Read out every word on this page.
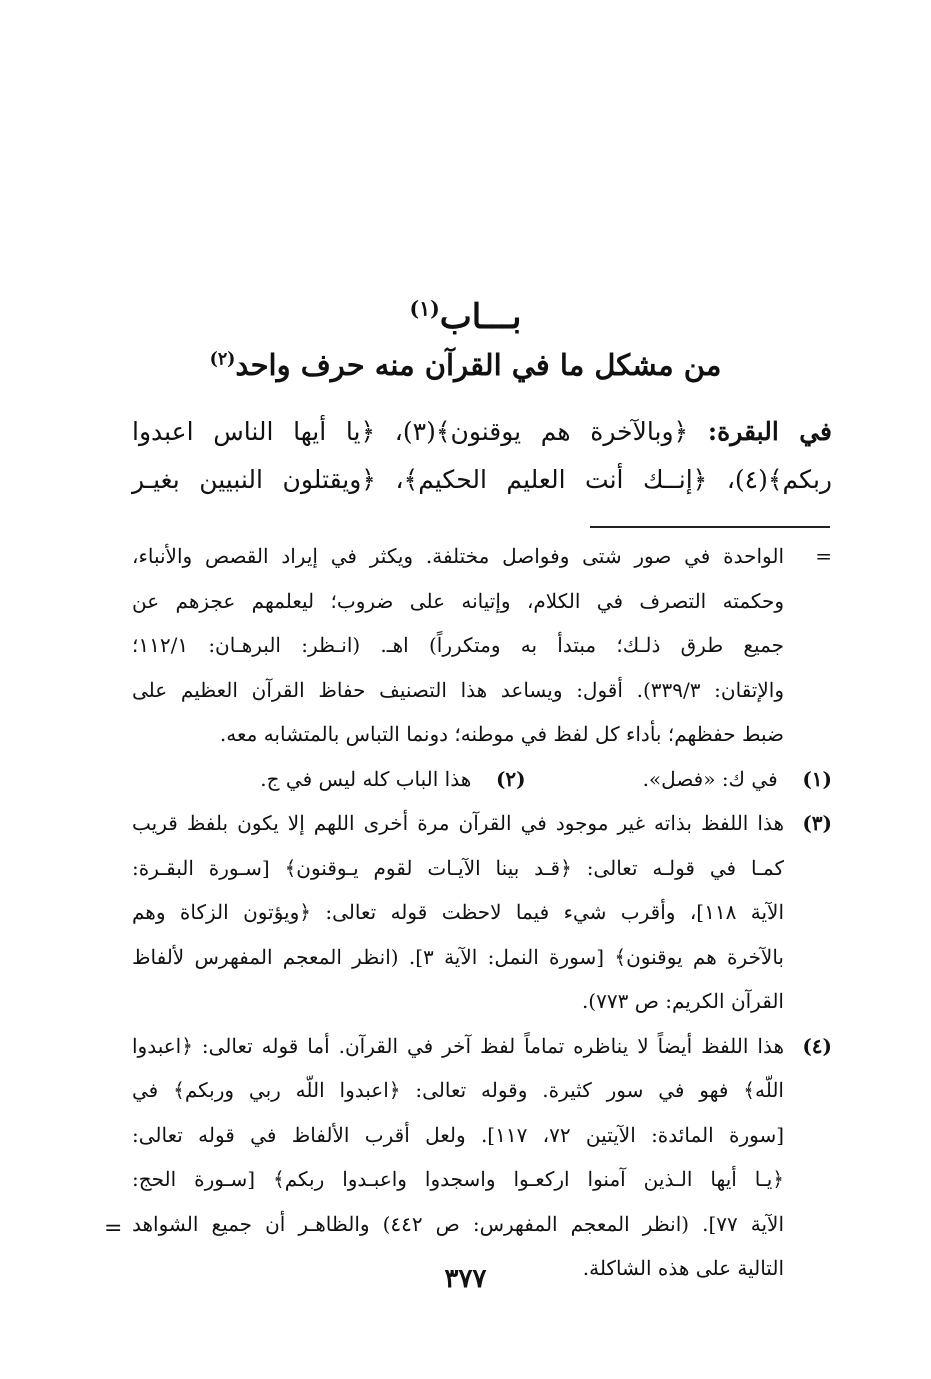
بـــاب$^{(١)}$
من مشكل ما في القرآن منه حرف واحد$^{(٢)}$
في البقرة: ﴿وبالآخرة هم يوقنون﴾(٣)، ﴿يا أيها الناس اعبدوا
ربكم﴾(٤)، ﴿إنــك أنت العليم الحكيم﴾، ﴿ويقتلون النبيين بغيـر
=الواحدة في صور شتى وفواصل مختلفة. ويكثر في إيراد القصص والأنباء،
وحكمته التصرف في الكلام، وإتيانه على ضروب؛ ليعلمهم عجزهم عن
جميع طرق ذلـك؛ مبتدأ به ومتكرراً) اهـ. (انـظر: البرهـان: ١١٢/١؛
والإتقان: ٣٣٩/٣). أقول: ويساعد هذا التصنيف حفاظ القرآن العظيم على
ضبط حفظهم؛ بأداء كل لفظ في موطنه؛ دونما التباس بالمتشابه معه.
(١) في ك: «فصل». (٢) هذا الباب كله ليس في ج.
(٣)هذا اللفظ بذاته غير موجود في القرآن مرة أخرى اللهم إلا يكون بلفظ قريب
كمـا في قولـه تعالى: ﴿قـد بينا الآيـات لقوم يـوقنون﴾ [سـورة البقـرة:
الآية ١١٨]، وأقرب شيء فيما لاحظت قوله تعالى: ﴿ويؤتون الزكاة وهم
بالآخرة هم يوقنون﴾ [سورة النمل: الآية ٣]. (انظر المعجم المفهرس لألفاظ
القرآن الكريم: ص ٧٧٣).
(٤)هذا اللفظ أيضاً لا يناظره تماماً لفظ آخر في القرآن. أما قوله تعالى: ﴿اعبدوا
اللّه﴾ فهو في سور كثيرة. وقوله تعالى: ﴿اعبدوا اللّه ربي وربكم﴾ في
[سورة المائدة: الآيتين ٧٢، ١١٧]. ولعل أقرب الألفاظ في قوله تعالى:
﴿يـا أيها الـذين آمنوا اركعـوا واسجدوا واعبـدوا ربكم﴾ [سـورة الحج:
الآية ٧٧]. (انظر المعجم المفهرس: ص ٤٤٢) والظاهـر أن جميع الشواهد
التالية على هذه الشاكلة.
=
٣٧٧
